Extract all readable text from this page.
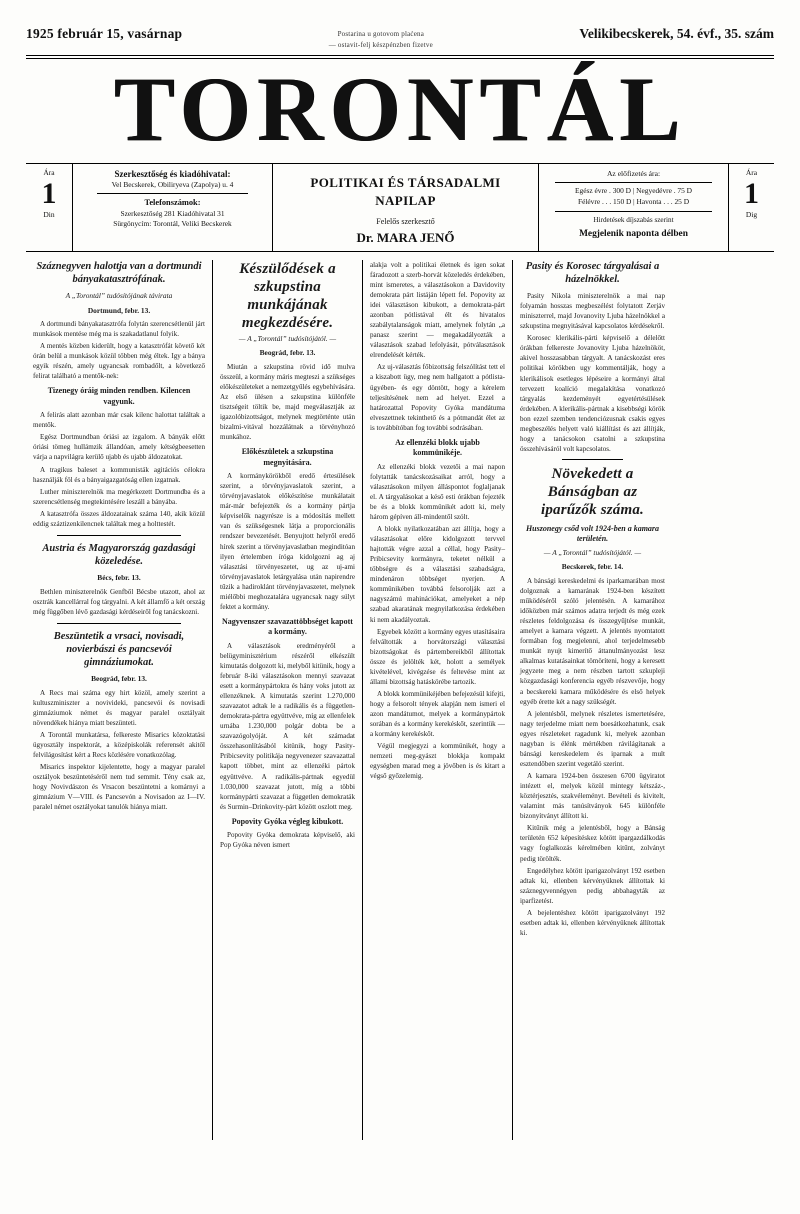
1925 február 15, vasárnap	Postarina u gotovom plaćena
— ostavit-felj készpénzben fizetve
Velikibecskerek, 54. évf., 35. szám
TORONTÁL
Ára
1
Din
Szerkesztőség és kiadóhivatal:
Vel Becskerek, Obiliryeva (Zapolya) u. 4
Telefonszámok:
Szerkesztőség 281 Kiadóhivatal 31
Sürgönycím: Torontál, Veliki Becskerek
POLITIKAI ÉS TÁRSADALMI NAPILAP
Felelős szerkesztő
Dr. MARA JENŐ
Az előfizetés ára:
Egész évre . 300 D | Negyedévre . 75 D
Félévre . . . 150 D | Havonta . . . 25 D
Hirdetések díjszabás szerint
Megjelenik naponta délben
Ára
1
Dig
Száznegyven halottja van a dortmundi bányakatasztrófának.
A „Torontál” tudósítójának távirata
Dortmund, febr. 13.

A dortmundi bányakatasztrófa folytán szerencsétlenül járt munkások mentése még ma is szakadatlanul folyik.

A mentés közben kiderült, hogy a katasztrófát követő két órán belül a munkások közül többen még éltek. Igy a bánya egyik részén, amely ugyancsak rombadőlt, a következő felirat található a mentők-nek:

Tizenegy óráig minden rendben. Kilencen vagyunk.

A felirás alatt azonban már csak kilenc halottat találtak a mentők.

Egész Dortmundban óriási az izgalom. A bányák előtt óriási tömeg hullámzik állandóan, amely kétségbeesetten várja a napvilágra kerülő ujabb és ujabb áldozatokat.

A tragikus baleset a kommunisták agitációs célokra használják föl és a bányaigazgatóság ellen izgatnak.

Luther miniszterelnök ma megérkezett Dortmundba és a szerencsétlenség megtekintésére leszáll a bányába.

A katasztrófa összes áldozatainak száma 140, akik közül eddig száztizenkilencnek találtak meg a holttestét.

Austria és Magyarország gazdasági közeledése.
Bécs, febr. 13.

Bethlen miniszterelnök Genfből Bécsbe utazott, ahol az osztrák kancellárral fog tárgyalni. A két államfő a két ország még függőben lévő gazdasági kérdéseiről fog tanácskozni.

Beszüntetik a vrsaci, novisadi, novierbászi és pancsevói gimnáziumokat.
Beográd, febr. 13.

A Recs mai száma egy hirt közöl, amely szerint a kultuszminiszter a novivideki, pancsevói és novisadi gimnáziumok német és magyar paralel osztályait növendékek hiánya miatt beszünteti.

A Torontál munkatársa, felkereste Misarics közoktatási ügyosztály inspektorát, a középiskolák referensét akitől felvilágosítást kért a Recs közlésére vonatkozólag.

Misarics inspektor kijelentette, hogy a magyar paralel osztályok beszüntetéséről nem tud semmit. Tény csak az, hogy Novivdászon és Vrsacon beszüntetni a komárnyi a gimnázium V—VIII. és Pancsevón a Novisadon az I—IV. paralel német osztályokat tanulók hiánya miatt.

Készülődések a szkupstina munkájának megkezdésére.
— A „Torontál” tudósítójától. —
Beográd, febr. 13.

Miután a szkupstina rövid idő mulva összeül, a kormány máris megteszi a szükséges előkészületeket a nemzetgyűlés egybehívására. Az első ülésen a szkupstina különféle tisztségeit töltik be, majd megválasztják az igazolóbizottságot, melynek megtörténte után bizalmi-vitával hozzálátnak a törvényhozó munkához.

Előkészületek a szkupstina megnyitására.

A kormánykörökből eredő értesülések szerint, a törvényjavaslatok szerint, a törvényjavaslatok előkészítése munkálatait már-már befejezték és a kormány pártja képviselők nagyrésze is a módosítás mellett van és szükségesnek látja a proporcionális rendszer bevezetését. Benyujtott helyről eredő hírek szerint a törvényjavaslatban meginditóan ilyen értelemben íróga kidolgozni ag aj választási törvényeszetet, ug az uj-ami törvényjavaslatok letárgyalása után napirendre tűzik a hadiroklánt törvényjavaszetet, melynek miélőbbi meghozatalára ugyancsak nagy súlyt fektet a kormány.

Nagyvenszer szavazattöbbséget kapott a kormány.

A választások eredményéről a belügyminisztérium részéről elkészült kimutatás dolgozott ki, melyből kitünik, hogy a február 8-iki választásokon mennyi szavazat esett a kormánypártokra és hány voks jutott az ellenzéknek. A kimutatás szerint 1.270,000 szavazatot adtak le a radikális és a független-demokrata-pártra együttvéve, míg az ellenfelek urnába 1.230,000 polgár dobta be a szavazógolyóját. A két számadat összehasonlításából kitünik, hogy Pasity-Pribicsevity politikája negyvenezer szavazattal kapott többet, mint az ellenzéki pártok együttvéve. A radikális-pártnak egyedül 1.030,000 szavazat jutott, míg a többi kormánypárti szavazat a független demokraták és Surmin–Drinkovity-párt között oszlott meg.

Popovity Gyóka végleg kibukott.

Popovity Gyóka demokrata képviselő, aki Pop Gyóka néven ismert

alakja volt a politikai életnek és igen sokat fáradozott a szerb-horvát közeledés érdekében, mint ismeretes, a választásokon a Davidovity demokrata párt listáján lépett fel. Popovity az idei választáson kibukott, a demokrata-párt azonban pótlistával élt és hivatalos szabálytalanságok miatt, amelynek folytán „a panasz szerint — megakadályozták a választások szabad lefolyását, pótválasztások elrendelését kérték.

Az uj-választás főbizottság felszólítást tett el a kiszabott ügy, meg nem hallgatott a pótlista-ügyében- és egy döntött, hogy a kérelem teljesítésének nem ad helyet. Ezzel a határozattal Popovity Gyóka mandátuma elveszettnek tekinthető és a pótmandát élet az is továbbítóban fog további sodrásában.

Az ellenzéki blokk ujabb kommünikéje.

Az ellenzéki blokk vezetői a mai napon folytatták tanácskozásaikat arról, hogy a választásokon milyen álláspontot foglaljanak el. A tárgyalásokat a késő esti órákban fejezték be és a blokk kommünikét adott ki, mely három gépíven áll-mindentől szólt.

A blokk nyilatkozatában azt állítja, hogy a választásokat előre kidolgozott tervvel hajtották végre azzal a céllal, hogy Pasity–Pribicsevity kormányra, teketet nélkül a többségre és a választási szabadságra, mindenáron többséget nyerjen. A kommünikében továbbá felsorolják azt a nagyszámú mahinációkat, amelyeket a nép szabad akaratának megnyilatkozása érdekében ki nem akadályoztak.

Egyebek között a kormány egyes utasításaira felváltották a horvátországi választási bizottságokat és pártembereikből állítottak össze és jelölték két, holott a semélyek kivételével, kivégzése és feltevése mint az állami bizottság hatáskörébe tartozik.

A blokk kommünikéjében befejezésül kifejti, hogy a felsorolt tények alapján nem ismeri el azon mandátumot, melyek a kormánypártok sorában és a kormány kerekéskőt, szerintük — a kormány kerekéskőt.

Végül megjegyzi a kommünikét, hogy a nemzeti meg-gyászt blokkja kompakt egységben marad meg a jövőben is és kitart a végső győzelemig.

Pasity és Korosec tárgyalásai a házelnökkel.

Pasity Nikola miniszterelnök a mai nap folyamán hosszas megbeszélést folytatott Zerjáv miniszterrel, majd Jovanovity Ljuba házelnökkel a szkupstina megnyitásával kapcsolatos kérdésekről.

Korosec klerikális-párti képviselő a délelőtt órákban felkereste Jovanovity Ljuba házelnököt, akivel hosszasabban tárgyalt. A tanácskozást eres politikai körökben ugy kommentálják, hogy a klerikálisok esetleges lépéseire a kormányi által tervezett koalíció megalakítása vonatkozó tárgyalás kezdeményét egyetértésülések érdekében. A klerikális-pártnak a kisebbségi körök bon ezzel szemben tendenciózusnak csakis egyes megbeszélés helyett való kiállítást és azt állítják, hogy a tanácsokon csatolni a szkupstina összehívásáról volt kapcsolatos.

Növekedett a Bánságban az iparűzők száma.
Huszonegy csőd volt 1924-ben a kamara területén.
— A „Torontál” tudósítójától. —
Becskerek, febr. 14.

A bánsági kereskedelmi és iparkamarában most dolgoznak a kamarának 1924-ben készített működéséről szóló jelentésén. A kamarához időközben már számos adatra terjedt és még ezek részletes feldolgozása és összegyűjtése munkát, amelyet a kamara végzett. A jelentés nyomtatott formában fog megjelenni, ahol terjedelmesebb munkát nyujt kimerítő áttanulmányozást lesz alkalmas kutatásainkat tömöríteni, hogy a keresett jegyzete meg a nem részben tartott szkupleji közgazdasági konferencia egyéb részvevője, hogy a becskereki kamara működésére és első helyek egyéb érette két a nagy szükségét.

A jelentésből, melynek részletes ismertetésére, nagy terjedelme miatt nem boesátkozhatunk, csak egyes részleteket ragadunk ki, melyek azonban nagyban is élénk mértékben rávilágítanak a bánsági kereskedelem és iparnak a mult esztendőben szerint vegetáló szerint.

A kamara 1924-ben összesen 6700 ügyiratot intézett el, melyek közül mintegy kétszáz-, köztérjesztés, szakvéleményt. Bevételi és kivitelt, valamint más tanúsítványok 645 különféle bizonyítványt állított ki.

Kitűnik még a jelentésből, hogy a Bánság területén 652 képesítéskez kötött ipargazdálkodás vagy foglalkozás kérelmében kitűnt, zolványt pedig törölték.

Engedélyhez kötött iparigazolványt 192 esetben adtak ki, ellenben kérvényüknek állítottak ki száznegyvennégyen pedig abbahagyták az iparfizetést.

A bejelentéshez kötött iparigazolványt 192 esetben adtak ki, ellenben kérvényüknek állítottak ki.
